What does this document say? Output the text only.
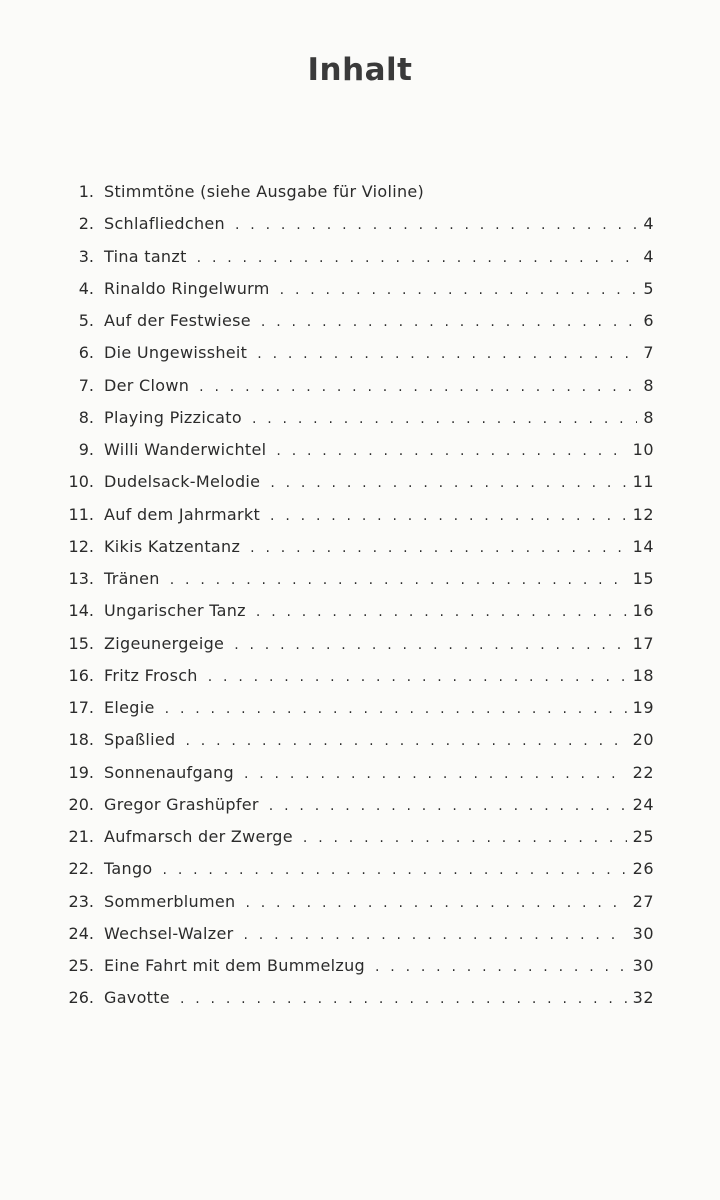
Inhalt
1. Stimmtöne (siehe Ausgabe für Violine)
2. Schlafliedchen . . .	4
3. Tina tanzt . . .	4
4. Rinaldo Ringelwurm . . .	5
5. Auf der Festwiese . . .	6
6. Die Ungewissheit . . .	7
7. Der Clown . . .	8
8. Playing Pizzicato . . .	8
9. Willi Wanderwichtel . . .	10
10. Dudelsack-Melodie . . .	11
11. Auf dem Jahrmarkt . . .	12
12. Kikis Katzentanz . . .	14
13. Tränen . . .	15
14. Ungarischer Tanz . . .	16
15. Zigeunergeige . . .	17
16. Fritz Frosch . . .	18
17. Elegie . . .	19
18. Spaßlied . . .	20
19. Sonnenaufgang . . .	22
20. Gregor Grashüpfer . . .	24
21. Aufmarsch der Zwerge . . .	25
22. Tango . . .	26
23. Sommerblumen . . .	27
24. Wechsel-Walzer . . .	30
25. Eine Fahrt mit dem Bummelzug . . .	30
26. Gavotte . . .	32
